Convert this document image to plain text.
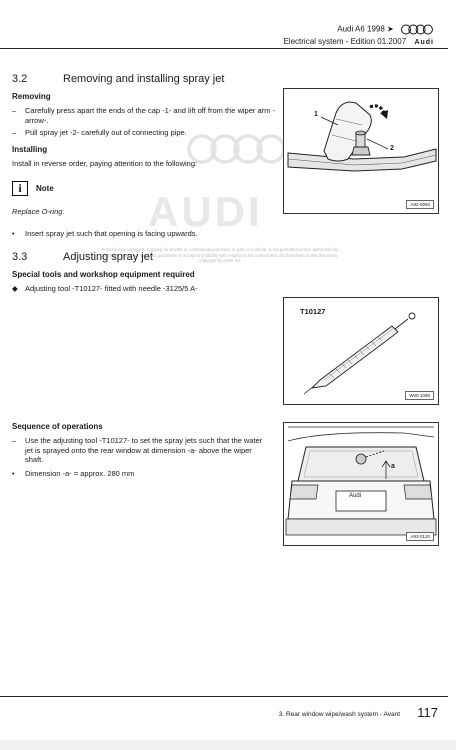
Audi A6 1998 ➤
Electrical system - Edition 01.2007 Audi
AUDI
Protected by copyright. Copying for private or commercial purposes, in part or in whole, is not permitted unless authorised by AUDI AG. AUDI AG does not guarantee or accept any liability with respect to the correctness of information in this document. Copyright by AUDI AG.
3.2	Removing and installing spray jet
Removing
– Carefully press apart the ends of the cap -1- and lift off from the wiper arm -arrow-.
– Pull spray jet -2- carefully out of connecting pipe.
Installing
Install in reverse order, paying attention to the following:
i	Note
Replace O-ring.
• Insert spray jet such that opening is facing upwards.
1
2
A92-0060
3.3	Adjusting spray jet
Special tools and workshop equipment required
◆ Adjusting tool -T10127- fitted with needle -3125/5 A-
T10127
W00-1080
Sequence of operations
– Use the adjusting tool -T10127- to set the spray jets such that the water jet is sprayed onto the rear window at dimension -a- above the wiper shaft.
• Dimension -a- = approx. 280 mm
a
Audi
A92-0120
3. Rear window wipe/wash system - Avant 117
